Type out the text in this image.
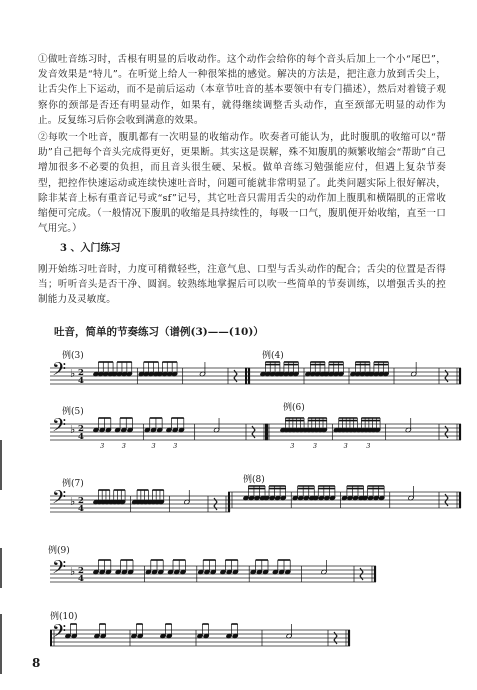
①做吐音练习时，舌根有明显的后收动作。这个动作会给你的每个音头后加上一个小“尾巴”，发音效果是“特儿”。在听觉上给人一种很笨拙的感觉。解决的方法是，把注意力放到舌尖上，让舌尖作上下运动，而不是前后运动（本章节吐音的基本要领中有专门描述），然后对着镜子观察你的颈部是否还有明显动作，如果有，就得继续调整舌头动作，直至颈部无明显的动作为止。反复练习后你会收到满意的效果。

②每吹一个吐音，腹肌都有一次明显的收缩动作。吹奏者可能认为，此时腹肌的收缩可以“帮助”自己把每个音头完成得更好，更果断。其实这是误解，殊不知腹肌的频繁收缩会“帮助”自己增加很多不必要的负担，而且音头很生硬、呆板。做单音练习勉强能应付，但遇上复杂节奏型，把控作快速运动或连续快速吐音时，问题可能就非常明显了。此类问题实际上很好解决，除非某音上标有重音记号或“sf”记号，其它吐音只需用舌尖的动作加上腹肌和横隔肌的正常收缩便可完成。（一般情况下腹肌的收缩是具持续性的，每吸一口气，腹肌便开始收缩，直至一口气用完。）

3 、入门练习

刚开始练习吐音时，力度可稍微轻些，注意气息、口型与舌头动作的配合；舌尖的位置是否得当；听听音头是否干净、圆润。较熟练地掌握后可以吹一些简单的节奏训练，以增强舌头的控制能力及灵敏度。

吐音，简单的节奏练习（谱例(3)——(10)）

例(3)	例(4)
例(5)	例(6)
例(7)	例(8)
例(9)
例(10)
𝄢 ♭ 2
4
𝄢 ♭ 2
4
3	3	3	3	3	3	3	3
𝄢 ♭ 2
4
𝄢 ♭ 2
4
𝄢
8
